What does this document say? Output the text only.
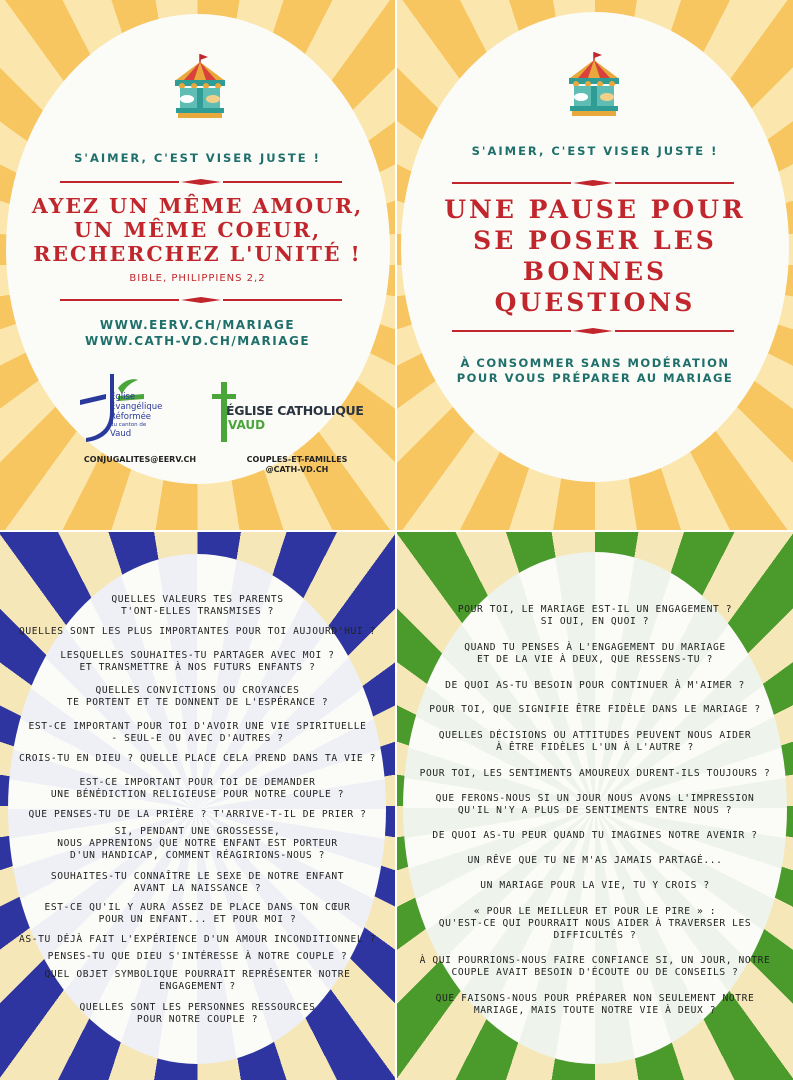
S'AIMER, C'EST VISER JUSTE !
AYEZ UN MÊME AMOUR,
UN MÊME COEUR,
RECHERCHEZ L'UNITÉ !
BIBLE, PHILIPPIENS 2,2
WWW.EERV.CH/MARIAGE
WWW.CATH-VD.CH/MARIAGE
Eglise
Evangélique
Réformée
du canton de
Vaud
CONJUGALITES@EERV.CH
ÉGLISE CATHOLIQUE
VAUD
COUPLES-ET-FAMILLES
@CATH-VD.CH
S'AIMER, C'EST VISER JUSTE !
UNE PAUSE POUR
SE POSER LES
BONNES
QUESTIONS
À CONSOMMER SANS MODÉRATION
POUR VOUS PRÉPARER AU MARIAGE
QUELLES VALEURS TES PARENTS
T'ONT-ELLES TRANSMISES ?
QUELLES SONT LES PLUS IMPORTANTES POUR TOI AUJOURD'HUI ?
LESQUELLES SOUHAITES-TU PARTAGER AVEC MOI ?
ET TRANSMETTRE À NOS FUTURS ENFANTS ?
QUELLES CONVICTIONS OU CROYANCES
TE PORTENT ET TE DONNENT DE L'ESPÉRANCE ?
EST-CE IMPORTANT POUR TOI D'AVOIR UNE VIE SPIRITUELLE
- SEUL-E OU AVEC D'AUTRES ?
CROIS-TU EN DIEU ? QUELLE PLACE CELA PREND DANS TA VIE ?
EST-CE IMPORTANT POUR TOI DE DEMANDER
UNE BÉNÉDICTION RELIGIEUSE POUR NOTRE COUPLE ?
QUE PENSES-TU DE LA PRIÈRE ? T'ARRIVE-T-IL DE PRIER ?
SI, PENDANT UNE GROSSESSE,
NOUS APPRENIONS QUE NOTRE ENFANT EST PORTEUR
D'UN HANDICAP, COMMENT RÉAGIRIONS-NOUS ?
SOUHAITES-TU CONNAÎTRE LE SEXE DE NOTRE ENFANT
AVANT LA NAISSANCE ?
EST-CE QU'IL Y AURA ASSEZ DE PLACE DANS TON CŒUR
POUR UN ENFANT... ET POUR MOI ?
AS-TU DÉJÀ FAIT L'EXPÉRIENCE D'UN AMOUR INCONDITIONNEL ?
PENSES-TU QUE DIEU S'INTÉRESSE À NOTRE COUPLE ?
QUEL OBJET SYMBOLIQUE POURRAIT REPRÉSENTER NOTRE
ENGAGEMENT ?
QUELLES SONT LES PERSONNES RESSOURCES
POUR NOTRE COUPLE ?
POUR TOI, LE MARIAGE EST-IL UN ENGAGEMENT ?
SI OUI, EN QUOI ?
QUAND TU PENSES À L'ENGAGEMENT DU MARIAGE
ET DE LA VIE À DEUX, QUE RESSENS-TU ?
DE QUOI AS-TU BESOIN POUR CONTINUER À M'AIMER ?
POUR TOI, QUE SIGNIFIE ÊTRE FIDÈLE DANS LE MARIAGE ?
QUELLES DÉCISIONS OU ATTITUDES PEUVENT NOUS AIDER
À ÊTRE FIDÈLES L'UN À L'AUTRE ?
POUR TOI, LES SENTIMENTS AMOUREUX DURENT-ILS TOUJOURS ?
QUE FERONS-NOUS SI UN JOUR NOUS AVONS L'IMPRESSION
QU'IL N'Y A PLUS DE SENTIMENTS ENTRE NOUS ?
DE QUOI AS-TU PEUR QUAND TU IMAGINES NOTRE AVENIR ?
UN RÊVE QUE TU NE M'AS JAMAIS PARTAGÉ...
UN MARIAGE POUR LA VIE, TU Y CROIS ?
« POUR LE MEILLEUR ET POUR LE PIRE » :
QU'EST-CE QUI POURRAIT NOUS AIDER À TRAVERSER LES
DIFFICULTÉS ?
À QUI POURRIONS-NOUS FAIRE CONFIANCE SI, UN JOUR, NOTRE
COUPLE AVAIT BESOIN D'ÉCOUTE OU DE CONSEILS ?
QUE FAISONS-NOUS POUR PRÉPARER NON SEULEMENT NOTRE
MARIAGE, MAIS TOUTE NOTRE VIE À DEUX ?
